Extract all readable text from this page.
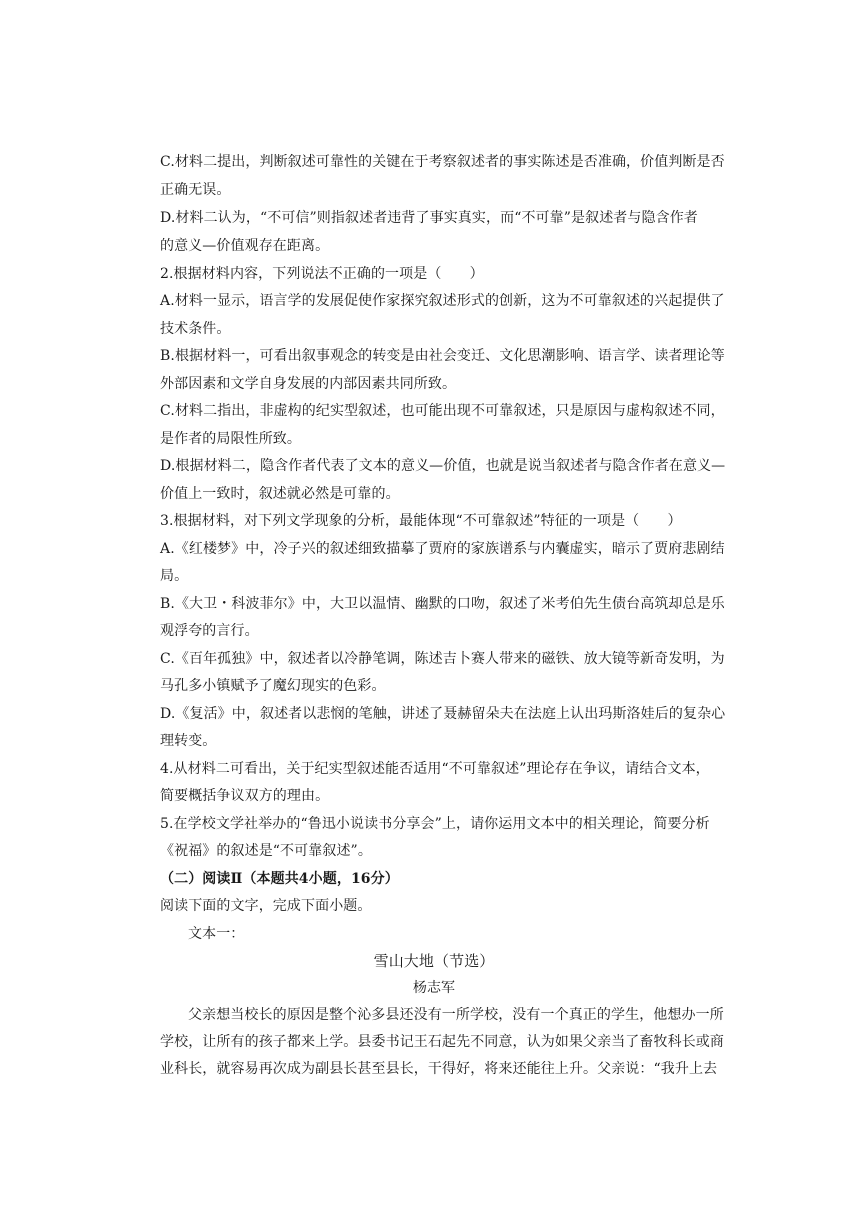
C.材料二提出，判断叙述可靠性的关键在于考察叙述者的事实陈述是否准确，价值判断是否
正确无误。
D.材料二认为，“不可信”则指叙述者违背了事实真实，而“不可靠”是叙述者与隐含作者
的意义—价值观存在距离。
2.根据材料内容，下列说法不正确的一项是（　　）
A.材料一显示，语言学的发展促使作家探究叙述形式的创新，这为不可靠叙述的兴起提供了
技术条件。
B.根据材料一，可看出叙事观念的转变是由社会变迁、文化思潮影响、语言学、读者理论等
外部因素和文学自身发展的内部因素共同所致。
C.材料二指出，非虚构的纪实型叙述，也可能出现不可靠叙述，只是原因与虚构叙述不同，
是作者的局限性所致。
D.根据材料二，隐含作者代表了文本的意义—价值，也就是说当叙述者与隐含作者在意义—
价值上一致时，叙述就必然是可靠的。
3.根据材料，对下列文学现象的分析，最能体现“不可靠叙述”特征的一项是（　　）
A.《红楼梦》中，冷子兴的叙述细致描摹了贾府的家族谱系与内囊虚实，暗示了贾府悲剧结
局。
B.《大卫・科波菲尔》中，大卫以温情、幽默的口吻，叙述了米考伯先生债台高筑却总是乐
观浮夸的言行。
C.《百年孤独》中，叙述者以冷静笔调，陈述吉卜赛人带来的磁铁、放大镜等新奇发明，为
马孔多小镇赋予了魔幻现实的色彩。
D.《复活》中，叙述者以悲悯的笔触，讲述了聂赫留朵夫在法庭上认出玛斯洛娃后的复杂心
理转变。
4.从材料二可看出，关于纪实型叙述能否适用“不可靠叙述”理论存在争议，请结合文本，
简要概括争议双方的理由。
5.在学校文学社举办的“鲁迅小说读书分享会”上，请你运用文本中的相关理论，简要分析
《祝福》的叙述是“不可靠叙述”。
（二）阅读Ⅱ（本题共4小题，16分）
阅读下面的文字，完成下面小题。
文本一：
雪山大地（节选）
杨志军
父亲想当校长的原因是整个沁多县还没有一所学校，没有一个真正的学生，他想办一所
学校，让所有的孩子都来上学。县委书记王石起先不同意，认为如果父亲当了畜牧科长或商
业科长，就容易再次成为副县长甚至县长，干得好，将来还能往上升。父亲说：“我升上去
